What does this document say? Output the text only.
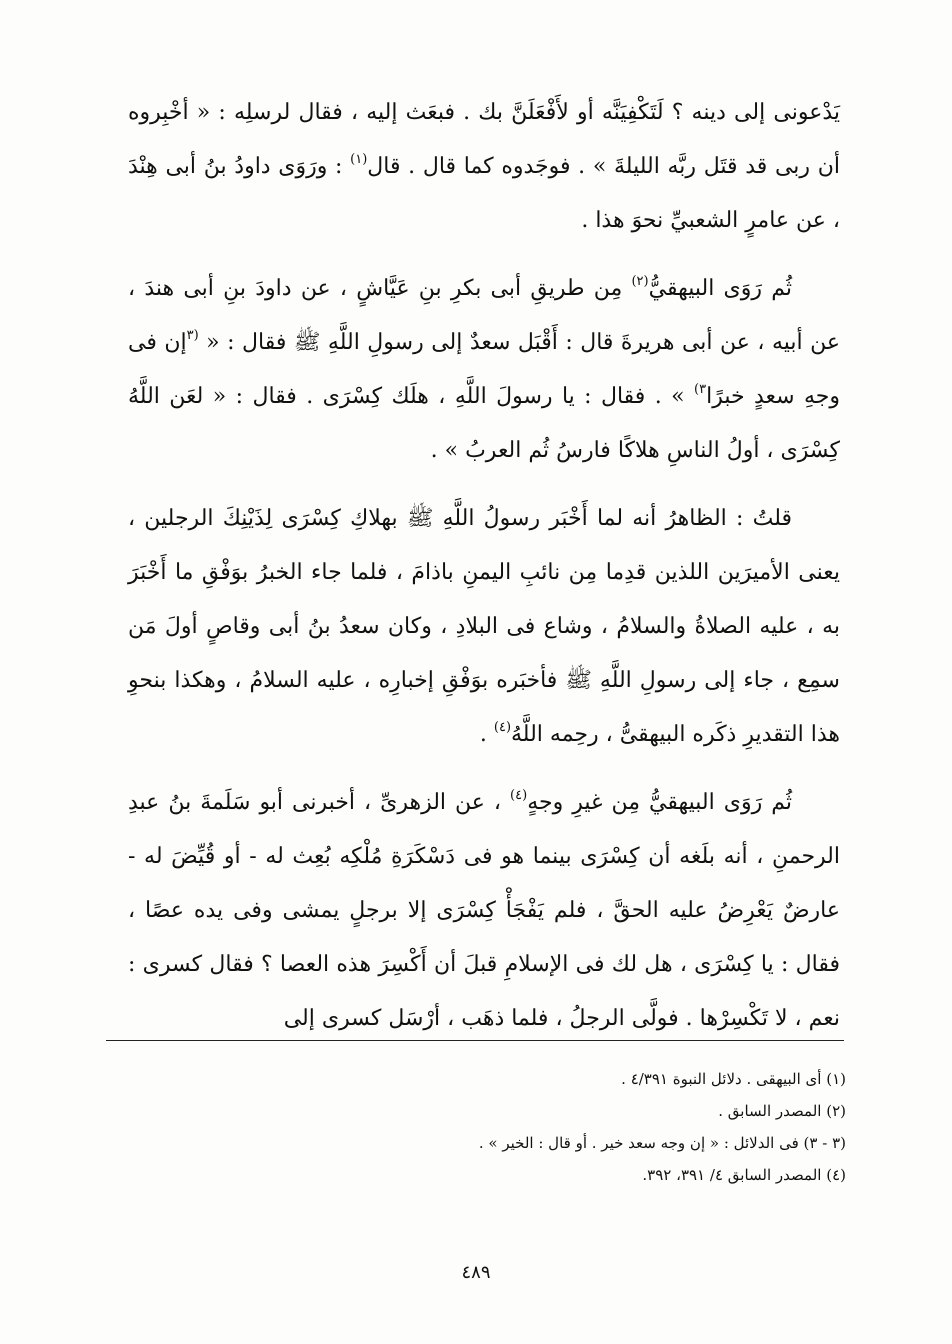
يَدْعونى إلى دينه ؟ لَتَكْفِيَنَّه أو لأَفْعَلَنَّ بك . فبعَث إليه ، فقال لرسلِه : « أخْبِروه أن ربى قد قتَل ربَّه الليلةَ » . فوجَدوه كما قال . قال$^{(١)}$ : ورَوَى داودُ بنُ أبى هِنْدَ ، عن عامرٍ الشعبيِّ نحوَ هذا .

ثُم رَوَى البيهقيُّ$^{(٢)}$ مِن طريقِ أبى بكرِ بنِ عَيَّاشٍ ، عن داودَ بنِ أبى هندَ ، عن أبيه ، عن أبى هريرةَ قال : أَقْبَل سعدٌ إلى رسولِ اللَّهِ ﷺ فقال : « $^{(٣}$إن فى وجهِ سعدٍ خبرًا$^{٣)}$ » . فقال : يا رسولَ اللَّهِ ، هلَك كِسْرَى . فقال : « لعَن اللَّهُ كِسْرَى ، أولُ الناسِ هلاكًا فارسُ ثُم العربُ » .

قلتُ : الظاهرُ أنه لما أَخْبَر رسولُ اللَّهِ ﷺ بهلاكِ كِسْرَى لِذَيْنِكَ الرجلين ، يعنى الأميرَين اللذين قدِما مِن نائبِ اليمنِ باذامَ ، فلما جاء الخبرُ بوَفْقِ ما أَخْبَرَ به ، عليه الصلاةُ والسلامُ ، وشاع فى البلادِ ، وكان سعدُ بنُ أبى وقاصٍ أولَ مَن سمِع ، جاء إلى رسولِ اللَّهِ ﷺ فأخبَره بوَفْقِ إخبارِه ، عليه السلامُ ، وهكذا بنحوِ هذا التقديرِ ذكَره البيهقىُّ ، رحِمه اللَّهُ$^{(٤)}$ .

ثُم رَوَى البيهقيُّ مِن غيرِ وجهٍ$^{(٤)}$ ، عن الزهرىِّ ، أخبرنى أبو سَلَمةَ بنُ عبدِ الرحمنِ ، أنه بلَغه أن كِسْرَى بينما هو فى دَسْكَرَةِ مُلْكِه بُعِث له - أو قُيِّضَ له - عارضٌ يَعْرِضُ عليه الحقَّ ، فلم يَفْجَأْ كِسْرَى إلا برجلٍ يمشى وفى يده عصًا ، فقال : يا كِسْرَى ، هل لك فى الإسلامِ قبلَ أن أَكْسِرَ هذه العصا ؟ فقال كسرى : نعم ، لا تَكْسِرْها . فولَّى الرجلُ ، فلما ذهَب ، أرْسَل كسرى إلى

(١) أى البيهقى . دلائل النبوة ٤/٣٩١ .

(٢) المصدر السابق .

(٣ - ٣) فى الدلائل : « إن وجه سعد خير . أو قال : الخير » .

(٤) المصدر السابق ٤/ ٣٩١، ٣٩٢.

٤٨٩
